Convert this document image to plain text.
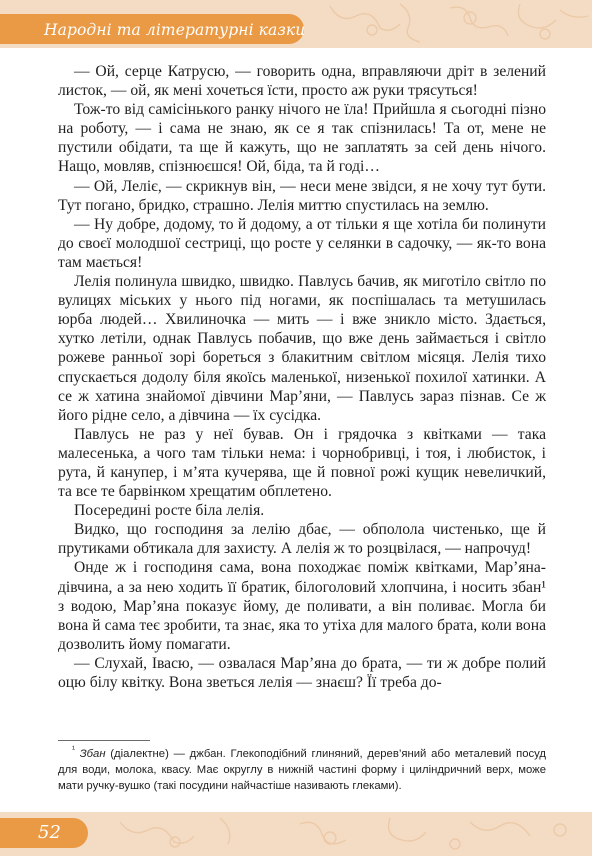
Народні та літературні казки

— Ой, серце Катрусю, — говорить одна, вправляючи дріт в зелений листок, — ой, як мені хочеться їсти, просто аж руки трясуться!

Тож-то від самісінького ранку нічого не їла! Прийшла я сьогодні пізно на роботу, — і сама не знаю, як се я так спізнилась! Та от, мене не пустили обідати, та ще й кажуть, що не заплатять за сей день нічого. Нащо, мовляв, спізнюєшся! Ой, біда, та й годі…

— Ой, Леліє, — скрикнув він, — неси мене звідси, я не хочу тут бути. Тут погано, бридко, страшно. Лелія миттю спустилась на землю.

— Ну добре, додому, то й додому, а от тільки я ще хотіла би полинути до своєї молодшої сестриці, що росте у селянки в садочку, — як-то вона там мається!

Лелія полинула швидко, швидко. Павлусь бачив, як миготіло світло по вулицях міських у нього під ногами, як поспішалась та метушилась юрба людей… Хвилиночка — мить — і вже зникло місто. Здається, хутко летіли, однак Павлусь побачив, що вже день займається і світло рожеве ранньої зорі бореться з блакитним світлом місяця. Лелія тихо спускається додолу біля якоїсь маленької, низенької похилої хатинки. А се ж хатина знайомої дівчини Мар’яни, — Павлусь зараз пізнав. Се ж його рідне село, а дівчина — їх сусідка.

Павлусь не раз у неї бував. Он і грядочка з квітками — така малесенька, а чого там тільки нема: і чорнобривці, і тоя, і любисток, і рута, й канупер, і м’ята кучерява, ще й повної рожі кущик невеличкий, та все те барвінком хрещатим обплетено.

Посередині росте біла лелія.

Видко, що господиня за лелію дбає, — обполола чистенько, ще й прутиками обтикала для захисту. А лелія ж то розцвілася, — напрочуд!

Онде ж і господиня сама, вона походжає поміж квітками, Мар’яна-дівчина, а за нею ходить її братик, білоголовий хлопчина, і носить збан¹ з водою, Мар’яна показує йому, де поливати, а він поливає. Могла би вона й сама теє зробити, та знає, яка то утіха для малого брата, коли вона дозволить йому помагати.

— Слухай, Івасю, — озвалася Мар’яна до брата, — ти ж добре полий оцю білу квітку. Вона зветься лелія — знаєш? Її треба до-

$^{^1}$ Збан (діалектне) — джбан. Глекоподібний глиняний, дерев’яний або металевий посуд для води, молока, квасу. Має округлу в нижній частині форму і циліндричний верх, може мати ручку-вушко (такі посудини найчастіше називають глеками).

52
